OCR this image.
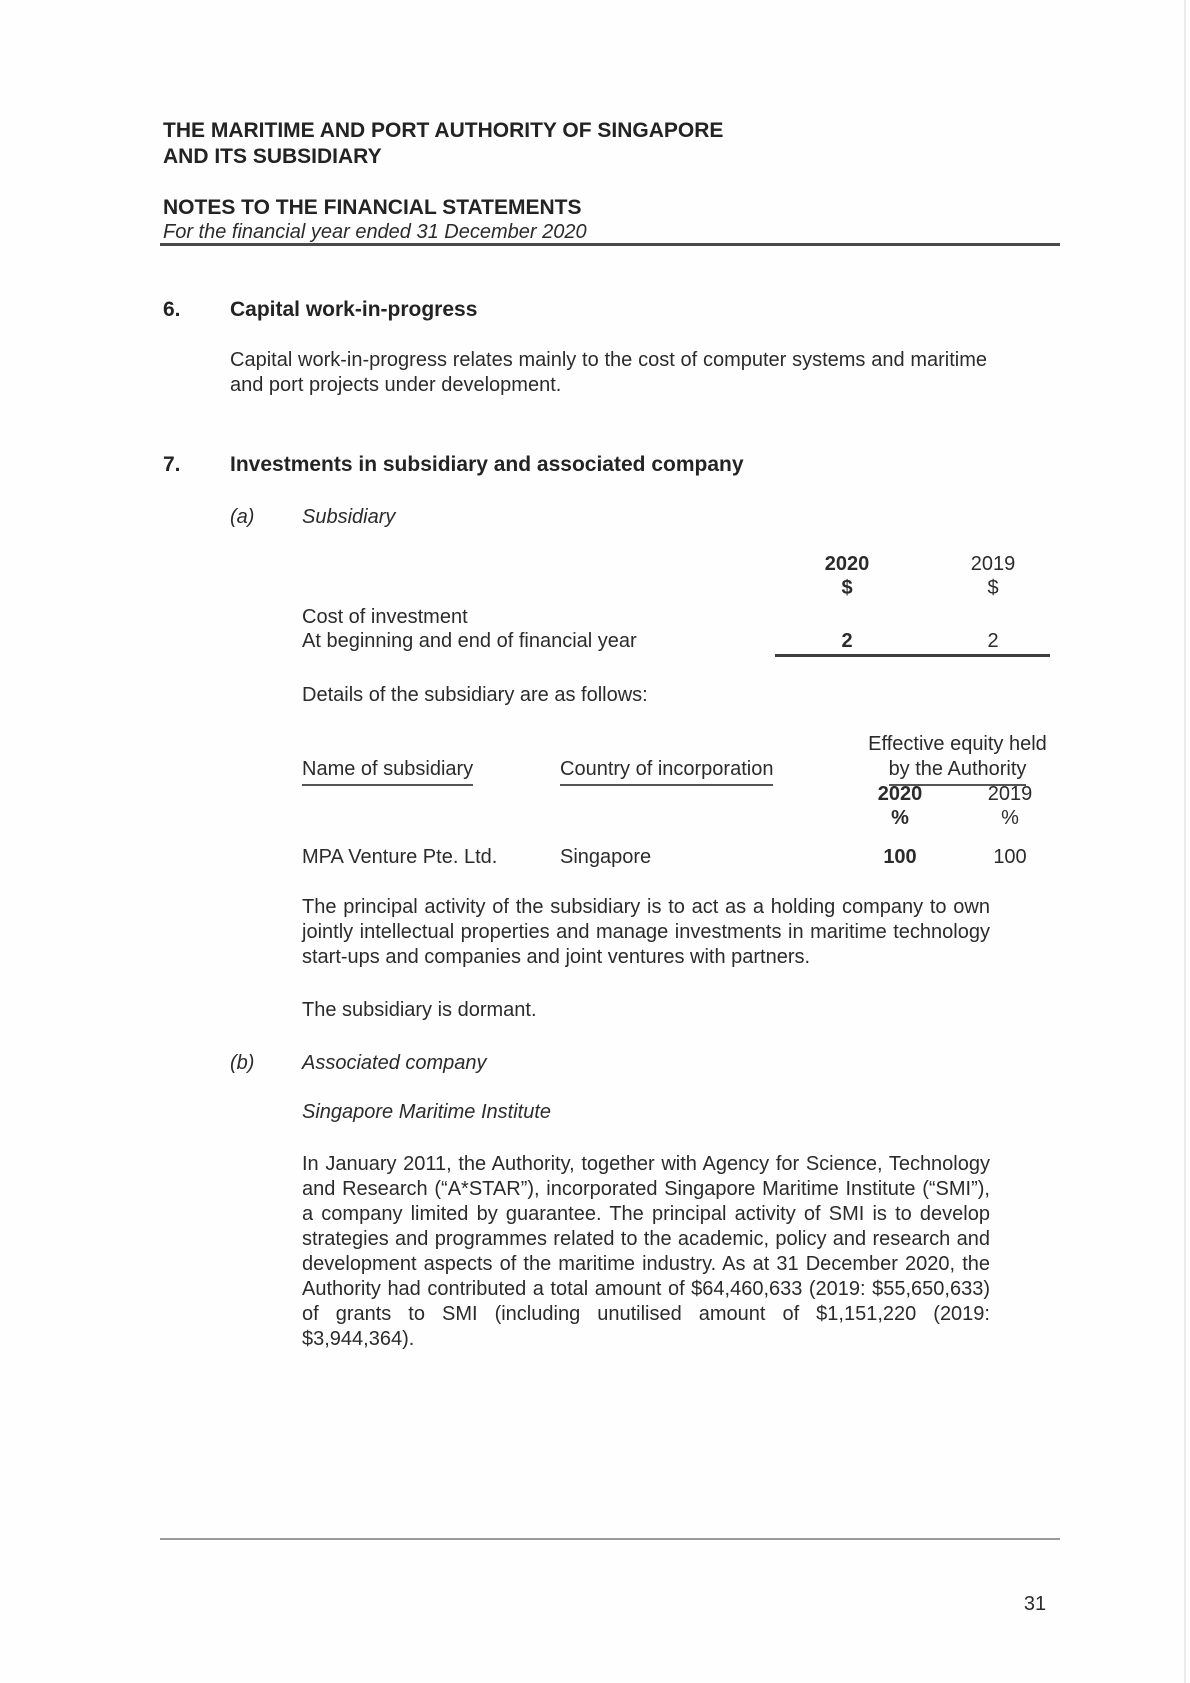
THE MARITIME AND PORT AUTHORITY OF SINGAPORE
AND ITS SUBSIDIARY
NOTES TO THE FINANCIAL STATEMENTS
For the financial year ended 31 December 2020
6. Capital work-in-progress
Capital work-in-progress relates mainly to the cost of computer systems and maritime and port projects under development.
7. Investments in subsidiary and associated company
(a) Subsidiary
2020	2019
$	$
Cost of investment
At beginning and end of financial year	2	2
Details of the subsidiary are as follows:
Effective equity held
by the Authority
Name of subsidiary	Country of incorporation
2020	2019
%	%
MPA Venture Pte. Ltd.	Singapore	100	100
The principal activity of the subsidiary is to act as a holding company to own jointly intellectual properties and manage investments in maritime technology start-ups and companies and joint ventures with partners.
The subsidiary is dormant.
(b) Associated company
Singapore Maritime Institute
In January 2011, the Authority, together with Agency for Science, Technology and Research (“A*STAR”), incorporated Singapore Maritime Institute (“SMI”), a company limited by guarantee. The principal activity of SMI is to develop strategies and programmes related to the academic, policy and research and development aspects of the maritime industry. As at 31 December 2020, the Authority had contributed a total amount of $64,460,633 (2019: $55,650,633) of grants to SMI (including unutilised amount of $1,151,220 (2019: $3,944,364).
31
